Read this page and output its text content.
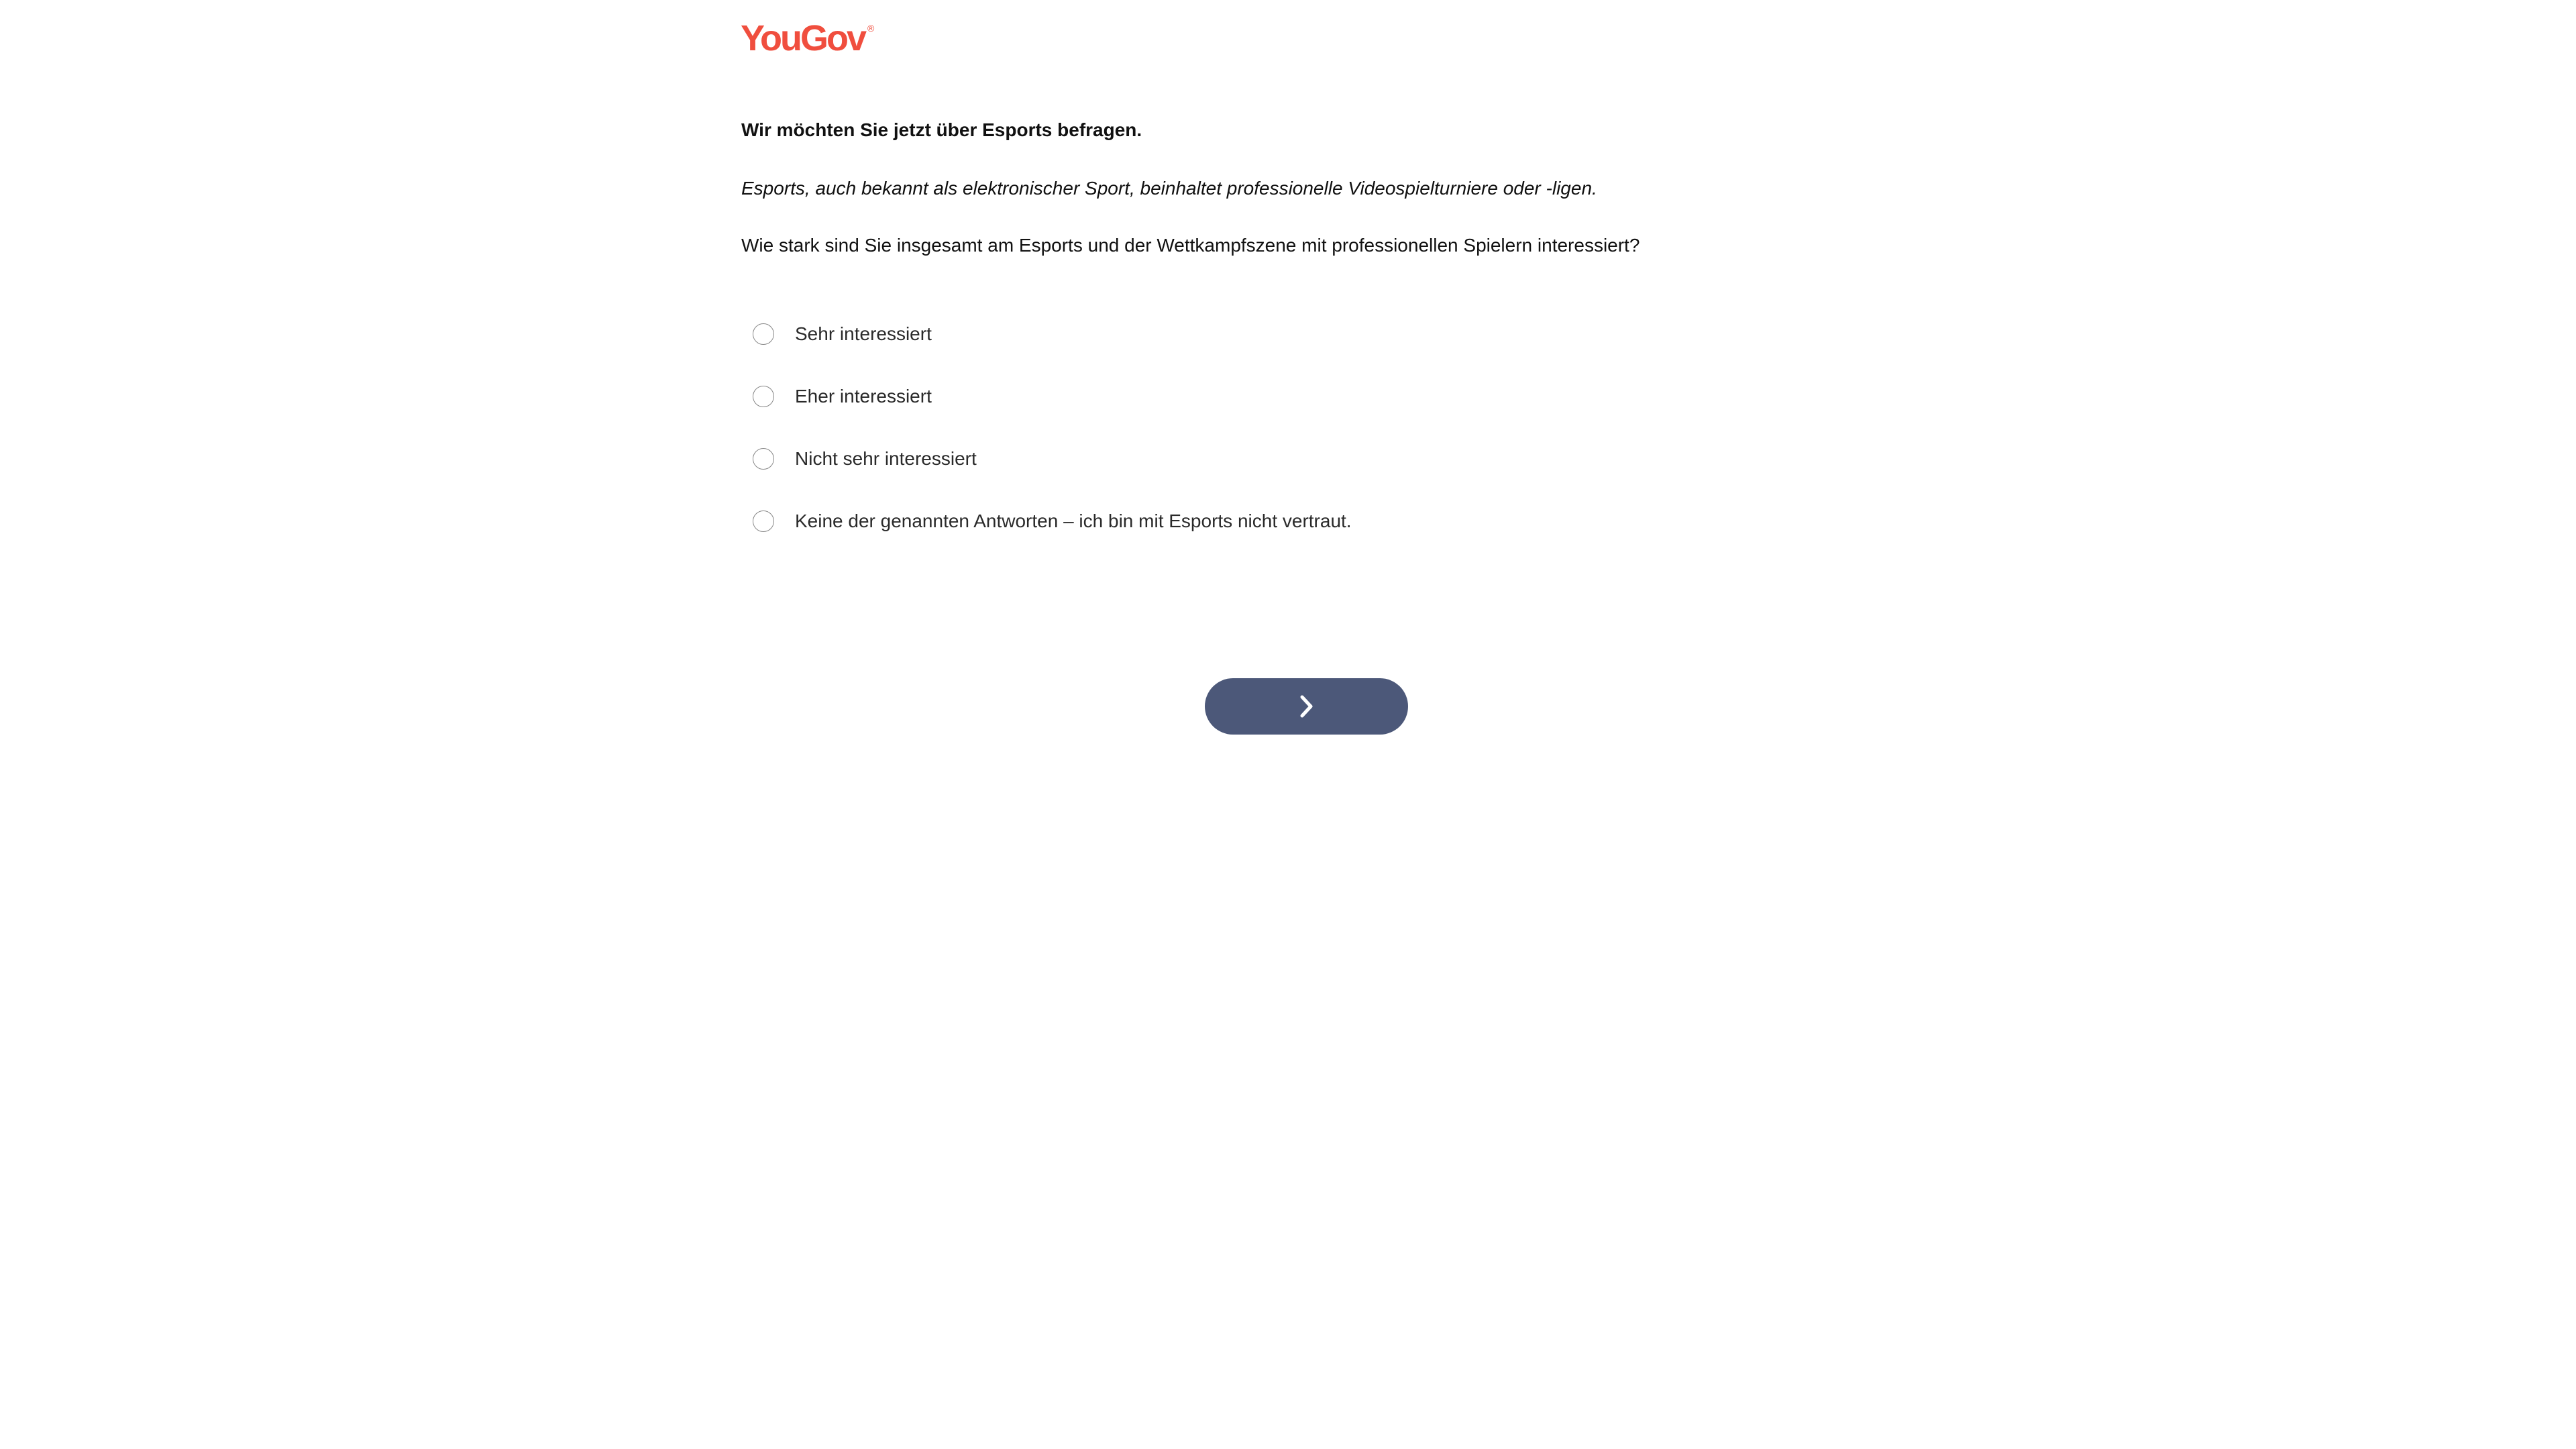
YouGov ®
Wir möchten Sie jetzt über Esports befragen.
Esports, auch bekannt als elektronischer Sport, beinhaltet professionelle Videospielturniere oder -ligen.
Wie stark sind Sie insgesamt am Esports und der Wettkampfszene mit professionellen Spielern interessiert?
Sehr interessiert
Eher interessiert
Nicht sehr interessiert
Keine der genannten Antworten – ich bin mit Esports nicht vertraut.
